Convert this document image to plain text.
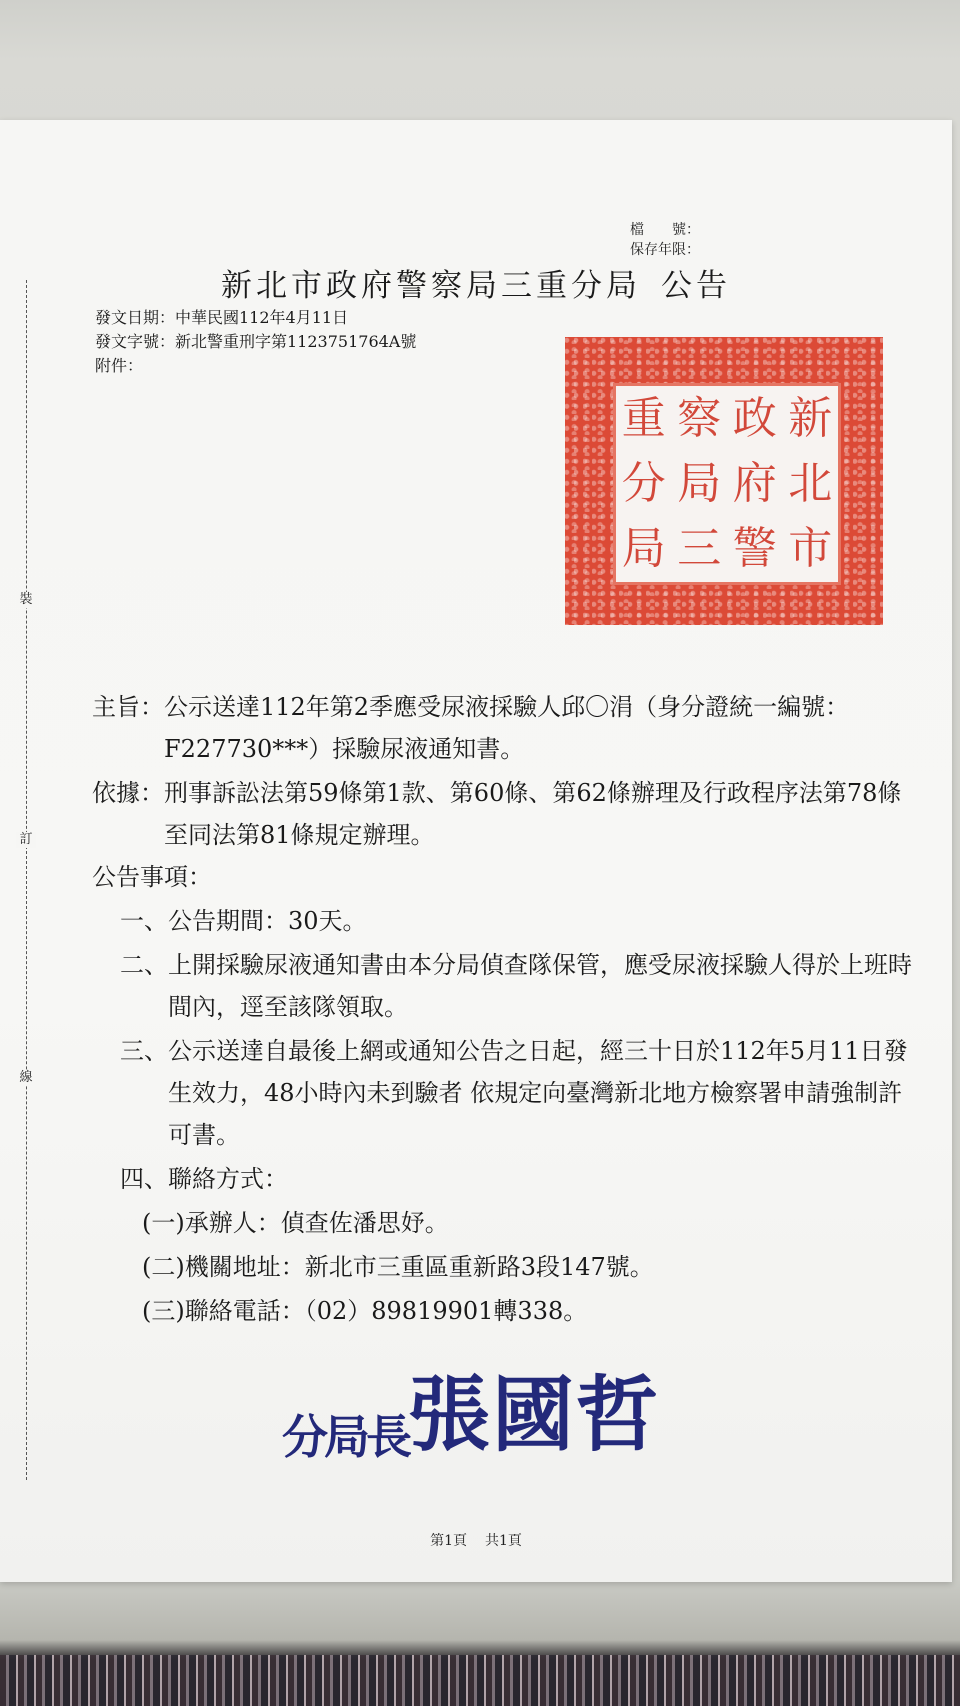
裝
訂
線
檔　　號：
保存年限：
新北市政府警察局三重分局 公告
發文日期：中華民國112年4月11日
發文字號：新北警重刑字第1123751764A號
附件：
新
北
市
政
府
警
察
局
三
重
分
局
主旨： 公示送達112年第2季應受尿液採驗人邱〇涓（身分證統一編號：F227730***）採驗尿液通知書。
依據： 刑事訴訟法第59條第1款、第60條、第62條辦理及行政程序法第78條至同法第81條規定辦理。
公告事項：
一、 公告期間：30天。
二、 上開採驗尿液通知書由本分局偵查隊保管，應受尿液採驗人得於上班時間內，逕至該隊領取。
三、 公示送達自最後上網或通知公告之日起，經三十日於112年5月11日發生效力，48小時內未到驗者 依規定向臺灣新北地方檢察署申請強制許可書。
四、 聯絡方式：
(一)承辦人：偵查佐潘思妤。
(二)機關地址：新北市三重區重新路3段147號。
(三)聯絡電話：（02）89819901轉338。
分局長張國哲
第1頁 共1頁
